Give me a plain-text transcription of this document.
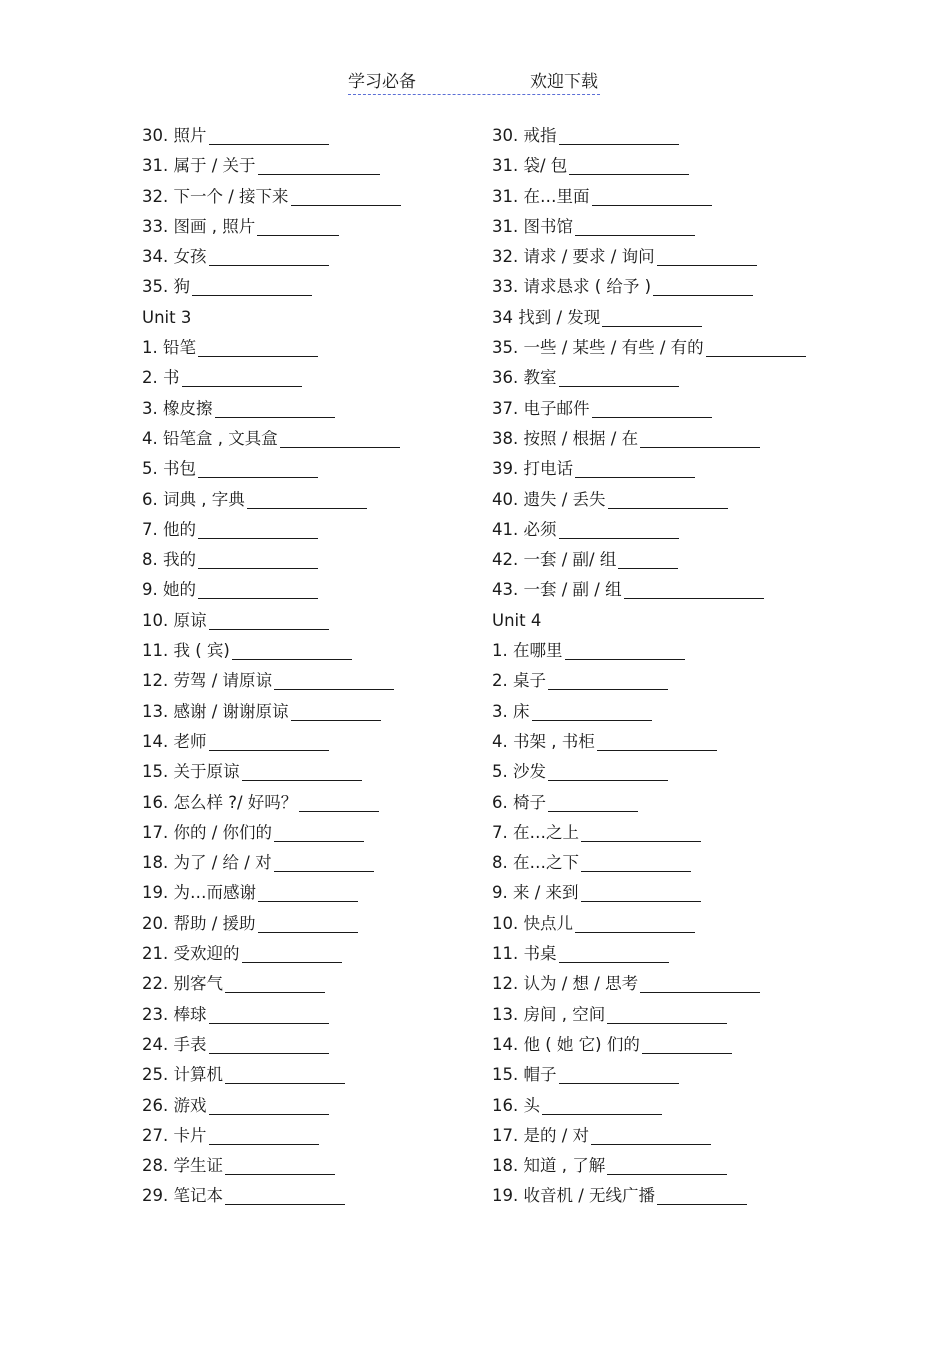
学习必备	欢迎下载
30. 照片
31. 属于 / 关于
32. 下一个 / 接下来
33. 图画 , 照片
34. 女孩
35. 狗
Unit 3
1. 铅笔
2. 书
3. 橡皮擦
4. 铅笔盒 , 文具盒
5. 书包
6. 词典 , 字典
7. 他的
8. 我的
9. 她的
10. 原谅
11. 我 ( 宾)
12. 劳驾 / 请原谅
13. 感谢 / 谢谢原谅
14. 老师
15. 关于原谅
16. 怎么样 ?/ 好吗？
17. 你的 / 你们的
18. 为了 / 给 / 对
19. 为…而感谢
20. 帮助 / 援助
21. 受欢迎的
22. 别客气
23. 棒球
24. 手表
25. 计算机
26. 游戏
27. 卡片
28. 学生证
29. 笔记本
30. 戒指
31. 袋/ 包
31. 在…里面
31. 图书馆
32. 请求 / 要求 / 询问
33. 请求恳求 ( 给予 )
34 找到 / 发现
35. 一些 / 某些 / 有些 / 有的
36. 教室
37. 电子邮件
38. 按照 / 根据 / 在
39. 打电话
40. 遗失 / 丢失
41. 必须
42. 一套 / 副/ 组
43. 一套 / 副 / 组
Unit 4
1. 在哪里
2. 桌子
3. 床
4. 书架 , 书柜
5. 沙发
6. 椅子
7. 在…之上
8. 在…之下
9. 来 / 来到
10. 快点儿
11. 书桌
12. 认为 / 想 / 思考
13. 房间 , 空间
14. 他 ( 她 它) 们的
15. 帽子
16. 头
17. 是的 / 对
18. 知道 , 了解
19. 收音机 / 无线广播
